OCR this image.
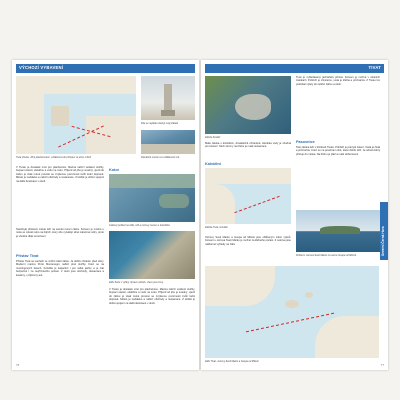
VÝCHOZÍ VYBAVENÍ
Tivat přístav. Jižní plavba kolem, vzdálenost do přístavu ve dvou mílích.
Kde se nejdéle ukazují moji přátelé
Památník Lovćen ve vzdálenosti mil.
V Tivatu je dostatek míst pro plachetnice. Marina nabízí veškeré služby, čerpací stanici, elektřinu a vodu na molu. Příjezd od jihu je snadný, vjezd do zálivu je však nutné provést se zvýšenou pozorností kvůli lodní dopravě. Město je nedaleko a nabízí obchody a restaurace. Z letiště je dobré spojení na další destinace v okolí.
Kotor
Celkový pohled na záliv, věž a ostrovy na tam s kotvištěm
Starobylé přístavní město leží na samém konci zálivu. Kotvení je možné u mola ve městě nebo na bójích. Hory zde vytvářejí silné nárazové větry, proto je vhodné dbát na kotvení.
Záliv Kotor z výšky. Vpravo nahoře, vlevo jsou hory.
Přístav Tivat
Přístav Tivat se nachází ve vnitřní části zálivu. Je dobře chráněn před větry. Moderní marina Porto Montenegro nabízí plné služby. Kotví se na mooringových lanech. Kotviště je kapacitní i pro velké jachty a je zde bezpečné i za nepříznivého počasí. V okolí jsou obchody, restaurace a kavárny, i půjčovny aut.
V Tivatu je dostatek míst pro plachetnice. Marina nabízí veškeré služby, čerpací stanici, elektřinu a vodu na molu. Příjezd od jihu je snadný, vjezd do zálivu je však nutné provést se zvýšenou pozorností kvůli lodní dopravě. Město je nedaleko a nabízí obchody a restaurace. Z letiště je dobré spojení na další destinace v okolí.
76
TIVAT
Zátoka Krašići
Tivat je vyhledávaný jachtařský přístav. Kotvení je možné v okolních zátokách. Pobřeží je chráněno, voda je klidná a průzračná. Z Tivatu lze podnikat výlety do celého zálivu a okolí.
Malá zátoka s kotvištěm, dostatečně chráněná. Hloubka vody je vhodná pro kotvení. Mezi stromy na břehu je malá restaurace.
Kalvidini
Zátoka Tivat, kotviště
Pasovnice
Tato zátoka leží v blízkosti Tivatu. Pobřeží je pokryté zelení. Voda je čistá a průzračná. Kotví se na písečném dně, které dobře drží. Je odtud dobrý přístup do města. Na břehu je pláž a malé občerstvení.
Pohled z ostrova Sveti Marko na ostrov Gospa od Milosti.
Ostrovy Sveti Marko a Gospa od Milosti jsou oblíbeným cílem výletů. Kotvení u ostrova Sveti Marko je možné za klidného počasí. Z ostrova jsou nádherné výhledy na záliv.
Záliv Tivat, ostrovy Sveti Marko a Gospa od Milosti
Severní Černá Hora
77
